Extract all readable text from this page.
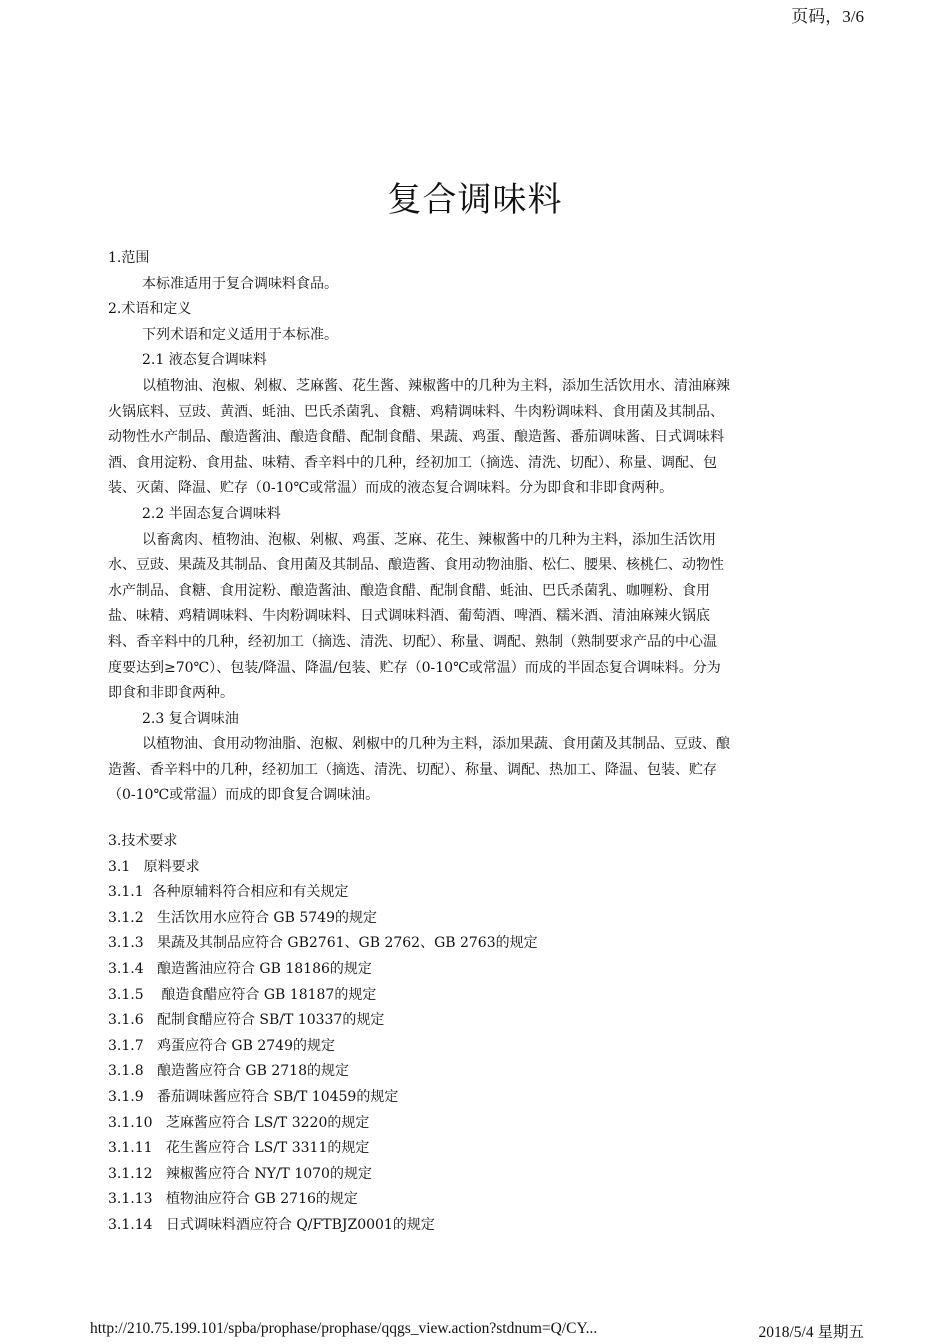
页码，3/6
复合调味料
1.范围
本标准适用于复合调味料食品。
2.术语和定义
下列术语和定义适用于本标准。
2.1 液态复合调味料
以植物油、泡椒、剁椒、芝麻酱、花生酱、辣椒酱中的几种为主料，添加生活饮用水、清油麻辣
火锅底料、豆豉、黄酒、蚝油、巴氏杀菌乳、食糖、鸡精调味料、牛肉粉调味料、食用菌及其制品、
动物性水产制品、酿造酱油、酿造食醋、配制食醋、果蔬、鸡蛋、酿造酱、番茄调味酱、日式调味料
酒、食用淀粉、食用盐、味精、香辛料中的几种，经初加工（摘选、清洗、切配）、称量、调配、包
装、灭菌、降温、贮存（0-10℃或常温）而成的液态复合调味料。分为即食和非即食两种。
2.2 半固态复合调味料
以畜禽肉、植物油、泡椒、剁椒、鸡蛋、芝麻、花生、辣椒酱中的几种为主料，添加生活饮用
水、豆豉、果蔬及其制品、食用菌及其制品、酿造酱、食用动物油脂、松仁、腰果、核桃仁、动物性
水产制品、食糖、食用淀粉、酿造酱油、酿造食醋、配制食醋、蚝油、巴氏杀菌乳、咖喱粉、食用
盐、味精、鸡精调味料、牛肉粉调味料、日式调味料酒、葡萄酒、啤酒、糯米酒、清油麻辣火锅底
料、香辛料中的几种，经初加工（摘选、清洗、切配）、称量、调配、熟制（熟制要求产品的中心温
度要达到≥70℃）、包装/降温、降温/包装、贮存（0-10℃或常温）而成的半固态复合调味料。分为
即食和非即食两种。
2.3 复合调味油
以植物油、食用动物油脂、泡椒、剁椒中的几种为主料，添加果蔬、食用菌及其制品、豆豉、酿
造酱、香辛料中的几种，经初加工（摘选、清洗、切配）、称量、调配、热加工、降温、包装、贮存
（0-10℃或常温）而成的即食复合调味油。
3.技术要求
3.1   原料要求
3.1.1  各种原辅料符合相应和有关规定
3.1.2   生活饮用水应符合 GB 5749的规定
3.1.3   果蔬及其制品应符合 GB2761、GB 2762、GB 2763的规定
3.1.4   酿造酱油应符合 GB 18186的规定
3.1.5    酿造食醋应符合 GB 18187的规定
3.1.6   配制食醋应符合 SB/T 10337的规定
3.1.7   鸡蛋应符合 GB 2749的规定
3.1.8   酿造酱应符合 GB 2718的规定
3.1.9   番茄调味酱应符合 SB/T 10459的规定
3.1.10   芝麻酱应符合 LS/T 3220的规定
3.1.11   花生酱应符合 LS/T 3311的规定
3.1.12   辣椒酱应符合 NY/T 1070的规定
3.1.13   植物油应符合 GB 2716的规定
3.1.14   日式调味料酒应符合 Q/FTBJZ0001的规定
http://210.75.199.101/spba/prophase/prophase/qqgs_view.action?stdnum=Q/CY...	2018/5/4 星期五
